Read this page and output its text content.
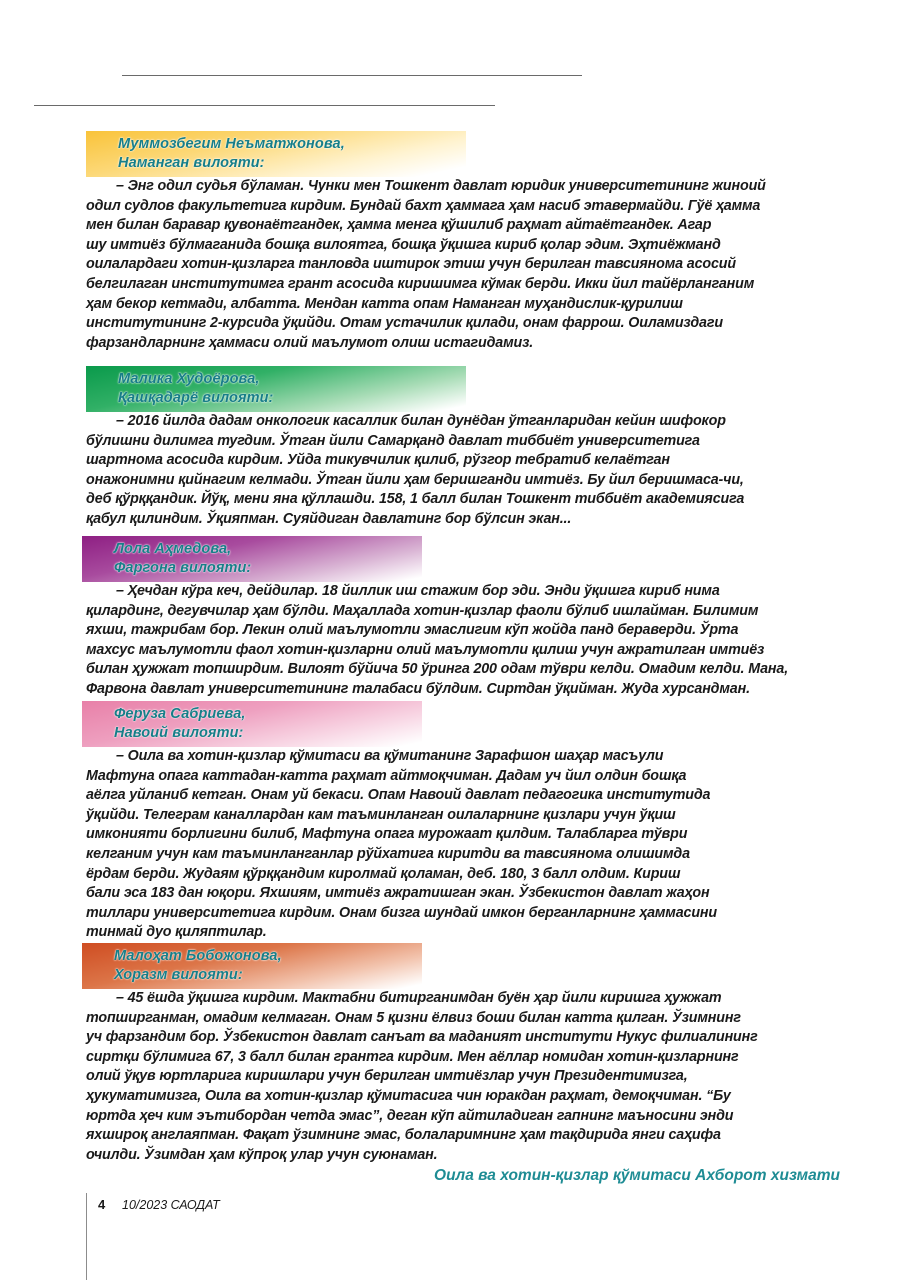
Муммозбегим Неъматжонова,
Наманган вилояти:

– Энг одил судья бўламан. Чунки мен Тошкент давлат юридик университетининг жиноий
одил судлов факультетига кирдим. Бундай бахт ҳаммага ҳам насиб этавермайди. Гўё ҳамма
мен билан баравар қувонаётгандек, ҳамма менга қўшилиб раҳмат айтаётгандек. Агар
шу имтиёз бўлмаганида бошқа вилоятга, бошқа ўқишга кириб қолар эдим. Эҳтиёжманд
оилалардаги хотин-қизларга танловда иштирок этиш учун берилган тавсиянома асосий
белгилаган институтимга грант асосида киришимга кўмак берди. Икки йил тайёрланганим
ҳам бекор кетмади, албатта. Мендан катта опам Наманган муҳандислик-қурилиш
институтининг 2-курсида ўқийди. Отам устачилик қилади, онам фаррош. Оиламиздаги
фарзандларнинг ҳаммаси олий маълумот олиш истагидамиз.

Малика Худоёрова,
Қашқадарё вилояти:

– 2016 йилда дадам онкологик касаллик билан дунёдан ўтганларидан кейин шифокор
бўлишни дилимга тугдим. Ўтган йили Самарқанд давлат тиббиёт университетига
шартнома асосида кирдим. Уйда тикувчилик қилиб, рўзгор тебратиб келаётган
онажонимни қийнагим келмади. Ўтган йили ҳам беришганди имтиёз. Бу йил беришмаса-чи,
деб қўрққандик. Йўқ, мени яна қўллашди. 158, 1 балл билан Тошкент тиббиёт академиясига
қабул қилиндим. Ўқияпман. Суяйдиган давлатинг бор бўлсин экан...

Лола Аҳмедова,
Фаргона вилояти:

– Ҳечдан кўра кеч, дейдилар. 18 йиллик иш стажим бор эди. Энди ўқишга кириб нима
қилардинг, дегувчилар ҳам бўлди. Маҳаллада хотин-қизлар фаоли бўлиб ишлайман. Билимим
яхши, тажрибам бор. Лекин олий маълумотли эмаслигим кўп жойда панд бераверди. Ўрта
махсус маълумотли фаол хотин-қизларни олий маълумотли қилиш учун ажратилган имтиёз
билан ҳужжат топширдим. Вилоят бўйича 50 ўринга 200 одам тўври келди. Омадим келди. Мана,
Фарвона давлат университетининг талабаси бўлдим. Сиртдан ўқийман. Жуда хурсандман.

Феруза Сабриева,
Навоий вилояти:

– Оила ва хотин-қизлар қўмитаси ва қўмитанинг Зарафшон шаҳар масъули
Мафтуна опага каттадан-катта раҳмат айтмоқчиман. Дадам уч йил олдин бошқа
аёлга уйланиб кетган. Онам уй бекаси. Опам Навоий давлат педагогика институтида
ўқийди. Телеграм каналлардан кам таъминланган оилаларнинг қизлари учун ўқиш
имконияти борлигини билиб, Мафтуна опага мурожаат қилдим. Талабларга тўври
келганим учун кам таъминланганлар рўйхатига киритди ва тавсиянома олишимда
ёрдам берди. Жудаям қўрққандим киролмай қоламан, деб. 180, 3 балл олдим. Кириш
бали эса 183 дан юқори. Яхшиям, имтиёз ажратишган экан. Ўзбекистон давлат жаҳон
тиллари университетига кирдим. Онам бизга шундай имкон берганларнинг ҳаммасини
тинмай дуо қиляптилар.

Малоҳат Бобожонова,
Хоразм вилояти:

– 45 ёшда ўқишга кирдим. Мактабни битирганимдан буён ҳар йили киришга ҳужжат
топширганман, омадим келмаган. Онам 5 қизни ёлвиз боши билан катта қилган. Ўзимнинг
уч фарзандим бор. Ўзбекистон давлат санъат ва маданият институти Нукус филиалининг
сиртқи бўлимига 67, 3 балл билан грантга кирдим. Мен аёллар номидан хотин-қизларнинг
олий ўқув юртларига киришлари учун берилган имтиёзлар учун Президентимизга,
ҳукуматимизга, Оила ва хотин-қизлар қўмитасига чин юракдан раҳмат, демоқчиман. “Бу
юртда ҳеч ким эътибордан четда эмас”, деган кўп айтиладиган гапнинг маъносини энди
яхшироқ англаяпман. Фақат ўзимнинг эмас, болаларимнинг ҳам тақдирида янги саҳифа
очилди. Ўзимдан ҳам кўпроқ улар учун суюнаман.

Оила ва хотин-қизлар қўмитаси Ахборот хизмати
4 10/2023 САОДАТ
